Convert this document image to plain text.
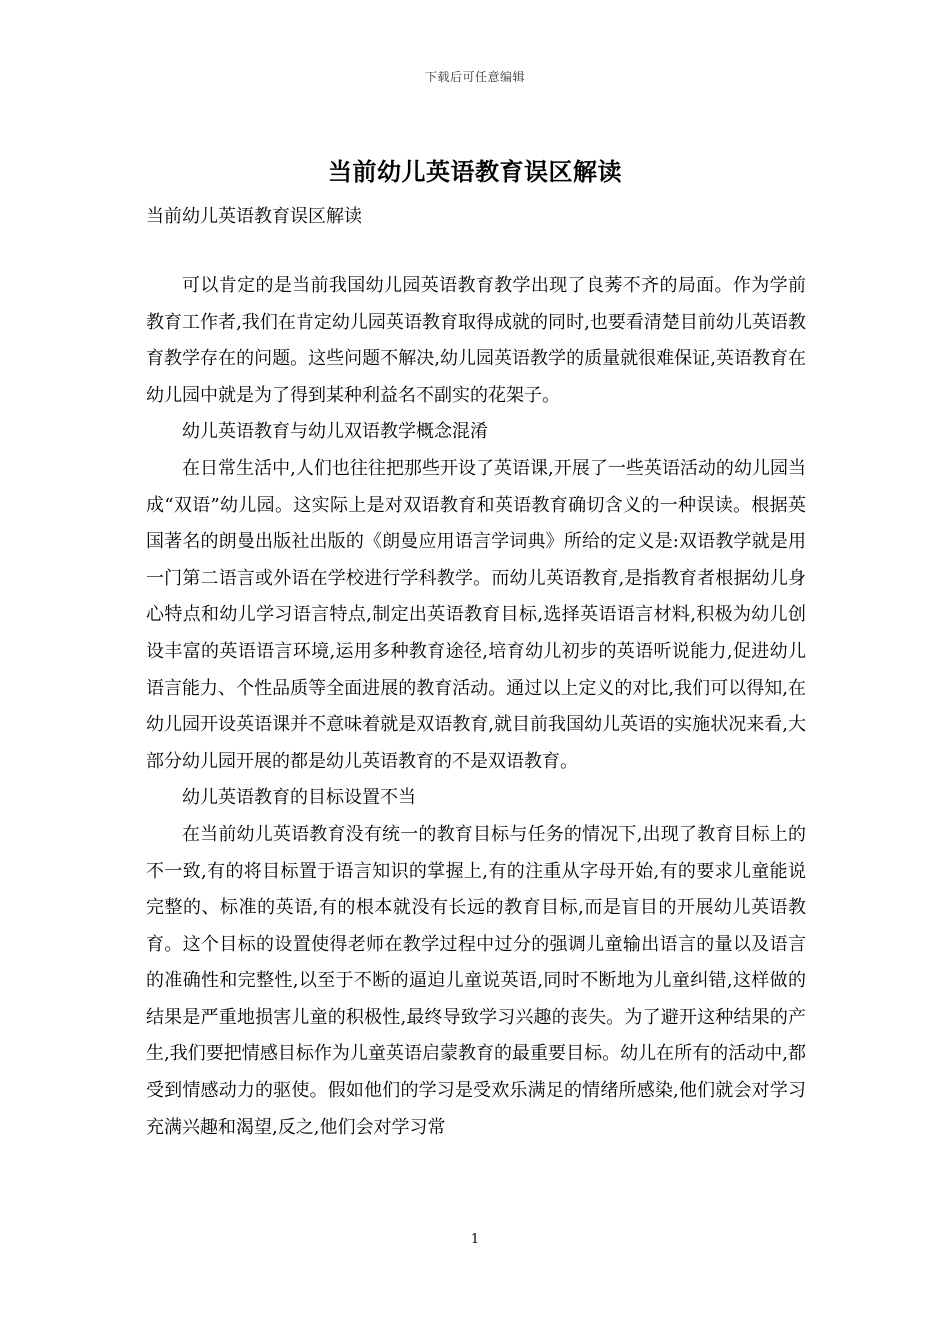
下载后可任意编辑
当前幼儿英语教育误区解读

当前幼儿英语教育误区解读

可以肯定的是当前我国幼儿园英语教育教学出现了良莠不齐的局面。作为学前教育工作者,我们在肯定幼儿园英语教育取得成就的同时,也要看清楚目前幼儿英语教育教学存在的问题。这些问题不解决,幼儿园英语教学的质量就很难保证,英语教育在幼儿园中就是为了得到某种利益名不副实的花架子。

幼儿英语教育与幼儿双语教学概念混淆

在日常生活中,人们也往往把那些开设了英语课,开展了一些英语活动的幼儿园当成“双语”幼儿园。这实际上是对双语教育和英语教育确切含义的一种误读。根据英国著名的朗曼出版社出版的《朗曼应用语言学词典》所给的定义是:双语教学就是用一门第二语言或外语在学校进行学科教学。而幼儿英语教育,是指教育者根据幼儿身心特点和幼儿学习语言特点,制定出英语教育目标,选择英语语言材料,积极为幼儿创设丰富的英语语言环境,运用多种教育途径,培育幼儿初步的英语听说能力,促进幼儿语言能力、个性品质等全面进展的教育活动。通过以上定义的对比,我们可以得知,在幼儿园开设英语课并不意味着就是双语教育,就目前我国幼儿英语的实施状况来看,大部分幼儿园开展的都是幼儿英语教育的不是双语教育。

幼儿英语教育的目标设置不当

在当前幼儿英语教育没有统一的教育目标与任务的情况下,出现了教育目标上的不一致,有的将目标置于语言知识的掌握上,有的注重从字母开始,有的要求儿童能说完整的、标准的英语,有的根本就没有长远的教育目标,而是盲目的开展幼儿英语教育。这个目标的设置使得老师在教学过程中过分的强调儿童输出语言的量以及语言的准确性和完整性,以至于不断的逼迫儿童说英语,同时不断地为儿童纠错,这样做的结果是严重地损害儿童的积极性,最终导致学习兴趣的丧失。为了避开这种结果的产生,我们要把情感目标作为儿童英语启蒙教育的最重要目标。幼儿在所有的活动中,都受到情感动力的驱使。假如他们的学习是受欢乐满足的情绪所感染,他们就会对学习充满兴趣和渴望,反之,他们会对学习常

1
